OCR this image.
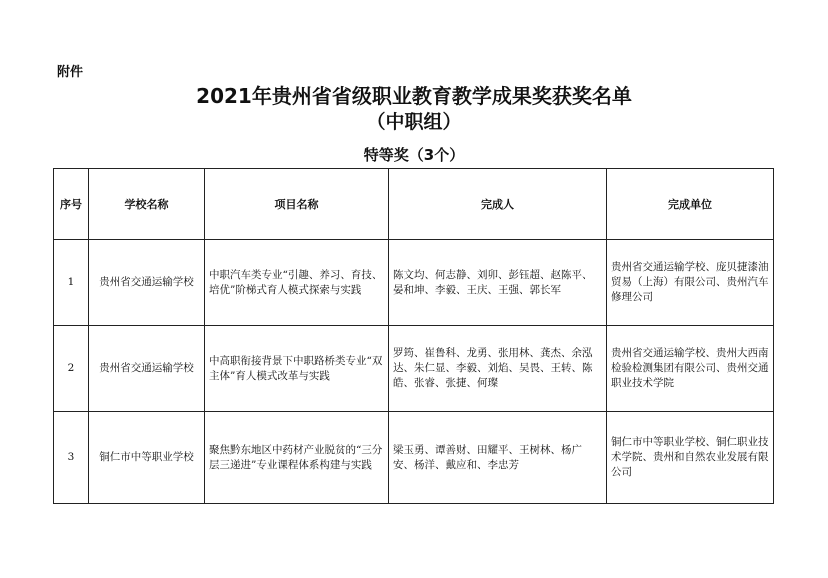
附件
2021年贵州省省级职业教育教学成果奖获奖名单
（中职组）
特等奖（3个）
序号	学校名称	项目名称	完成人	完成单位
1	贵州省交通运输学校	中职汽车类专业“引趣、养习、育技、培优”阶梯式育人模式探索与实践	陈文均、何志静、刘卯、彭钰超、赵陈平、晏和坤、李毅、王庆、王强、郭长军	贵州省交通运输学校、庞贝捷漆油贸易（上海）有限公司、贵州汽车修理公司
2	贵州省交通运输学校	中高职衔接背景下中职路桥类专业“双主体”育人模式改革与实践	罗筠、崔鲁科、龙勇、张用林、龚杰、余泓达、朱仁显、李毅、刘焰、吴畏、王转、陈皓、张睿、张捷、何璨	贵州省交通运输学校、贵州大西南检验检测集团有限公司、贵州交通职业技术学院
3	铜仁市中等职业学校	聚焦黔东地区中药材产业脱贫的“三分层三递进”专业课程体系构建与实践	梁玉勇、谭善财、田耀平、王树林、杨广安、杨洋、戴应和、李忠芳	铜仁市中等职业学校、铜仁职业技术学院、贵州和自然农业发展有限公司
